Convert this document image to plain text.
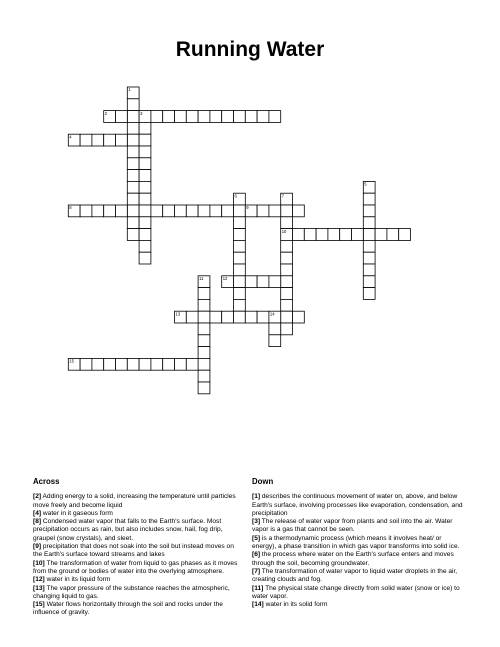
Running Water
1
2	3
4
5
6	7
8	9
10
11	12
13	14
15
Across

[2] Adding energy to a solid, increasing the temperature until particles move freely and become liquid

[4] water in it gaseous form

[8] Condensed water vapor that falls to the Earth's surface. Most precipitation occurs as rain, but also includes snow, hail, fog drip, graupel (snow crystals), and sleet.

[9] precipitation that does not soak into the soil but instead moves on the Earth's surface toward streams and lakes

[10] The transformation of water from liquid to gas phases as it moves from the ground or bodies of water into the overlying atmosphere.

[12] water in its liquid form

[13] The vapor pressure of the substance reaches the atmospheric, changing liquid to gas.

[15] Water flows horizontally through the soil and rocks under the influence of gravity.

Down

[1] describes the continuous movement of water on, above, and below Earth's surface, involving processes like evaporation, condensation, and precipitation

[3] The release of water vapor from plants and soil into the air. Water vapor is a gas that cannot be seen.

[5] is a thermodynamic process (which means it involves heat/ or energy), a phase transition in which gas vapor transforms into solid ice.

[6] the process where water on the Earth's surface enters and moves through the soil, becoming groundwater.

[7] The transformation of water vapor to liquid water droplets in the air, creating clouds and fog.

[11] The physical state change directly from solid water (snow or ice) to water vapor.

[14] water in its solid form
